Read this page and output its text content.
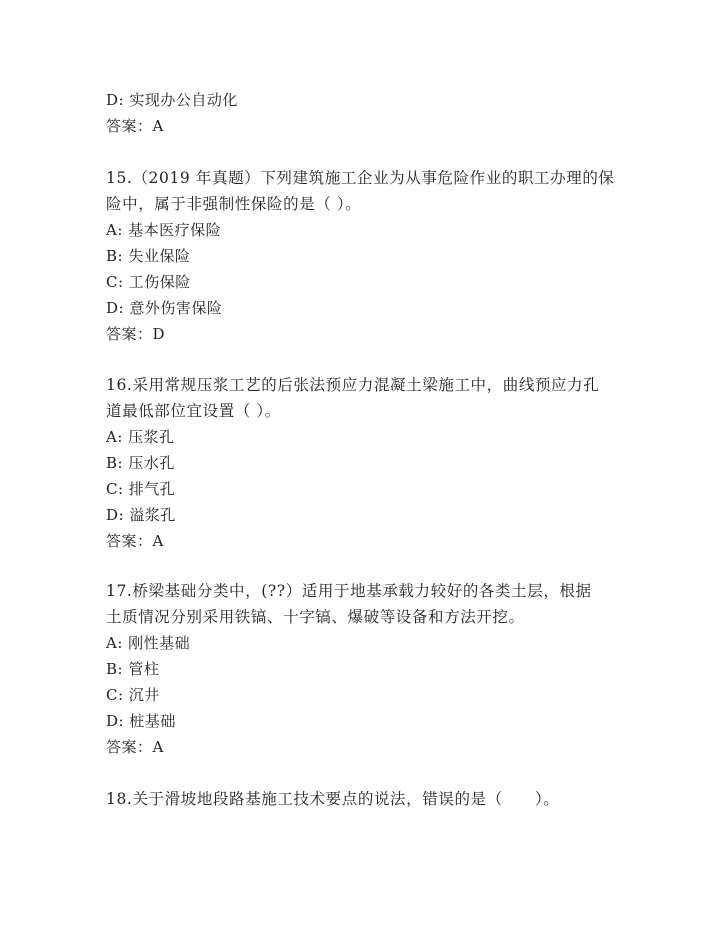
D: 实现办公自动化
答案：A
15.（2019 年真题）下列建筑施工企业为从事危险作业的职工办理的保
险中，属于非强制性保险的是（ ）。
A: 基本医疗保险
B: 失业保险
C: 工伤保险
D: 意外伤害保险
答案：D
16.采用常规压浆工艺的后张法预应力混凝土梁施工中，曲线预应力孔
道最低部位宜设置（ ）。
A: 压浆孔
B: 压水孔
C: 排气孔
D: 溢浆孔
答案：A
17.桥梁基础分类中，(??）适用于地基承载力较好的各类土层，根据
土质情况分别采用铁镐、十字镐、爆破等设备和方法开挖。
A: 刚性基础
B: 管柱
C: 沉井
D: 桩基础
答案：A
18.关于滑坡地段路基施工技术要点的说法，错误的是（　　）。
